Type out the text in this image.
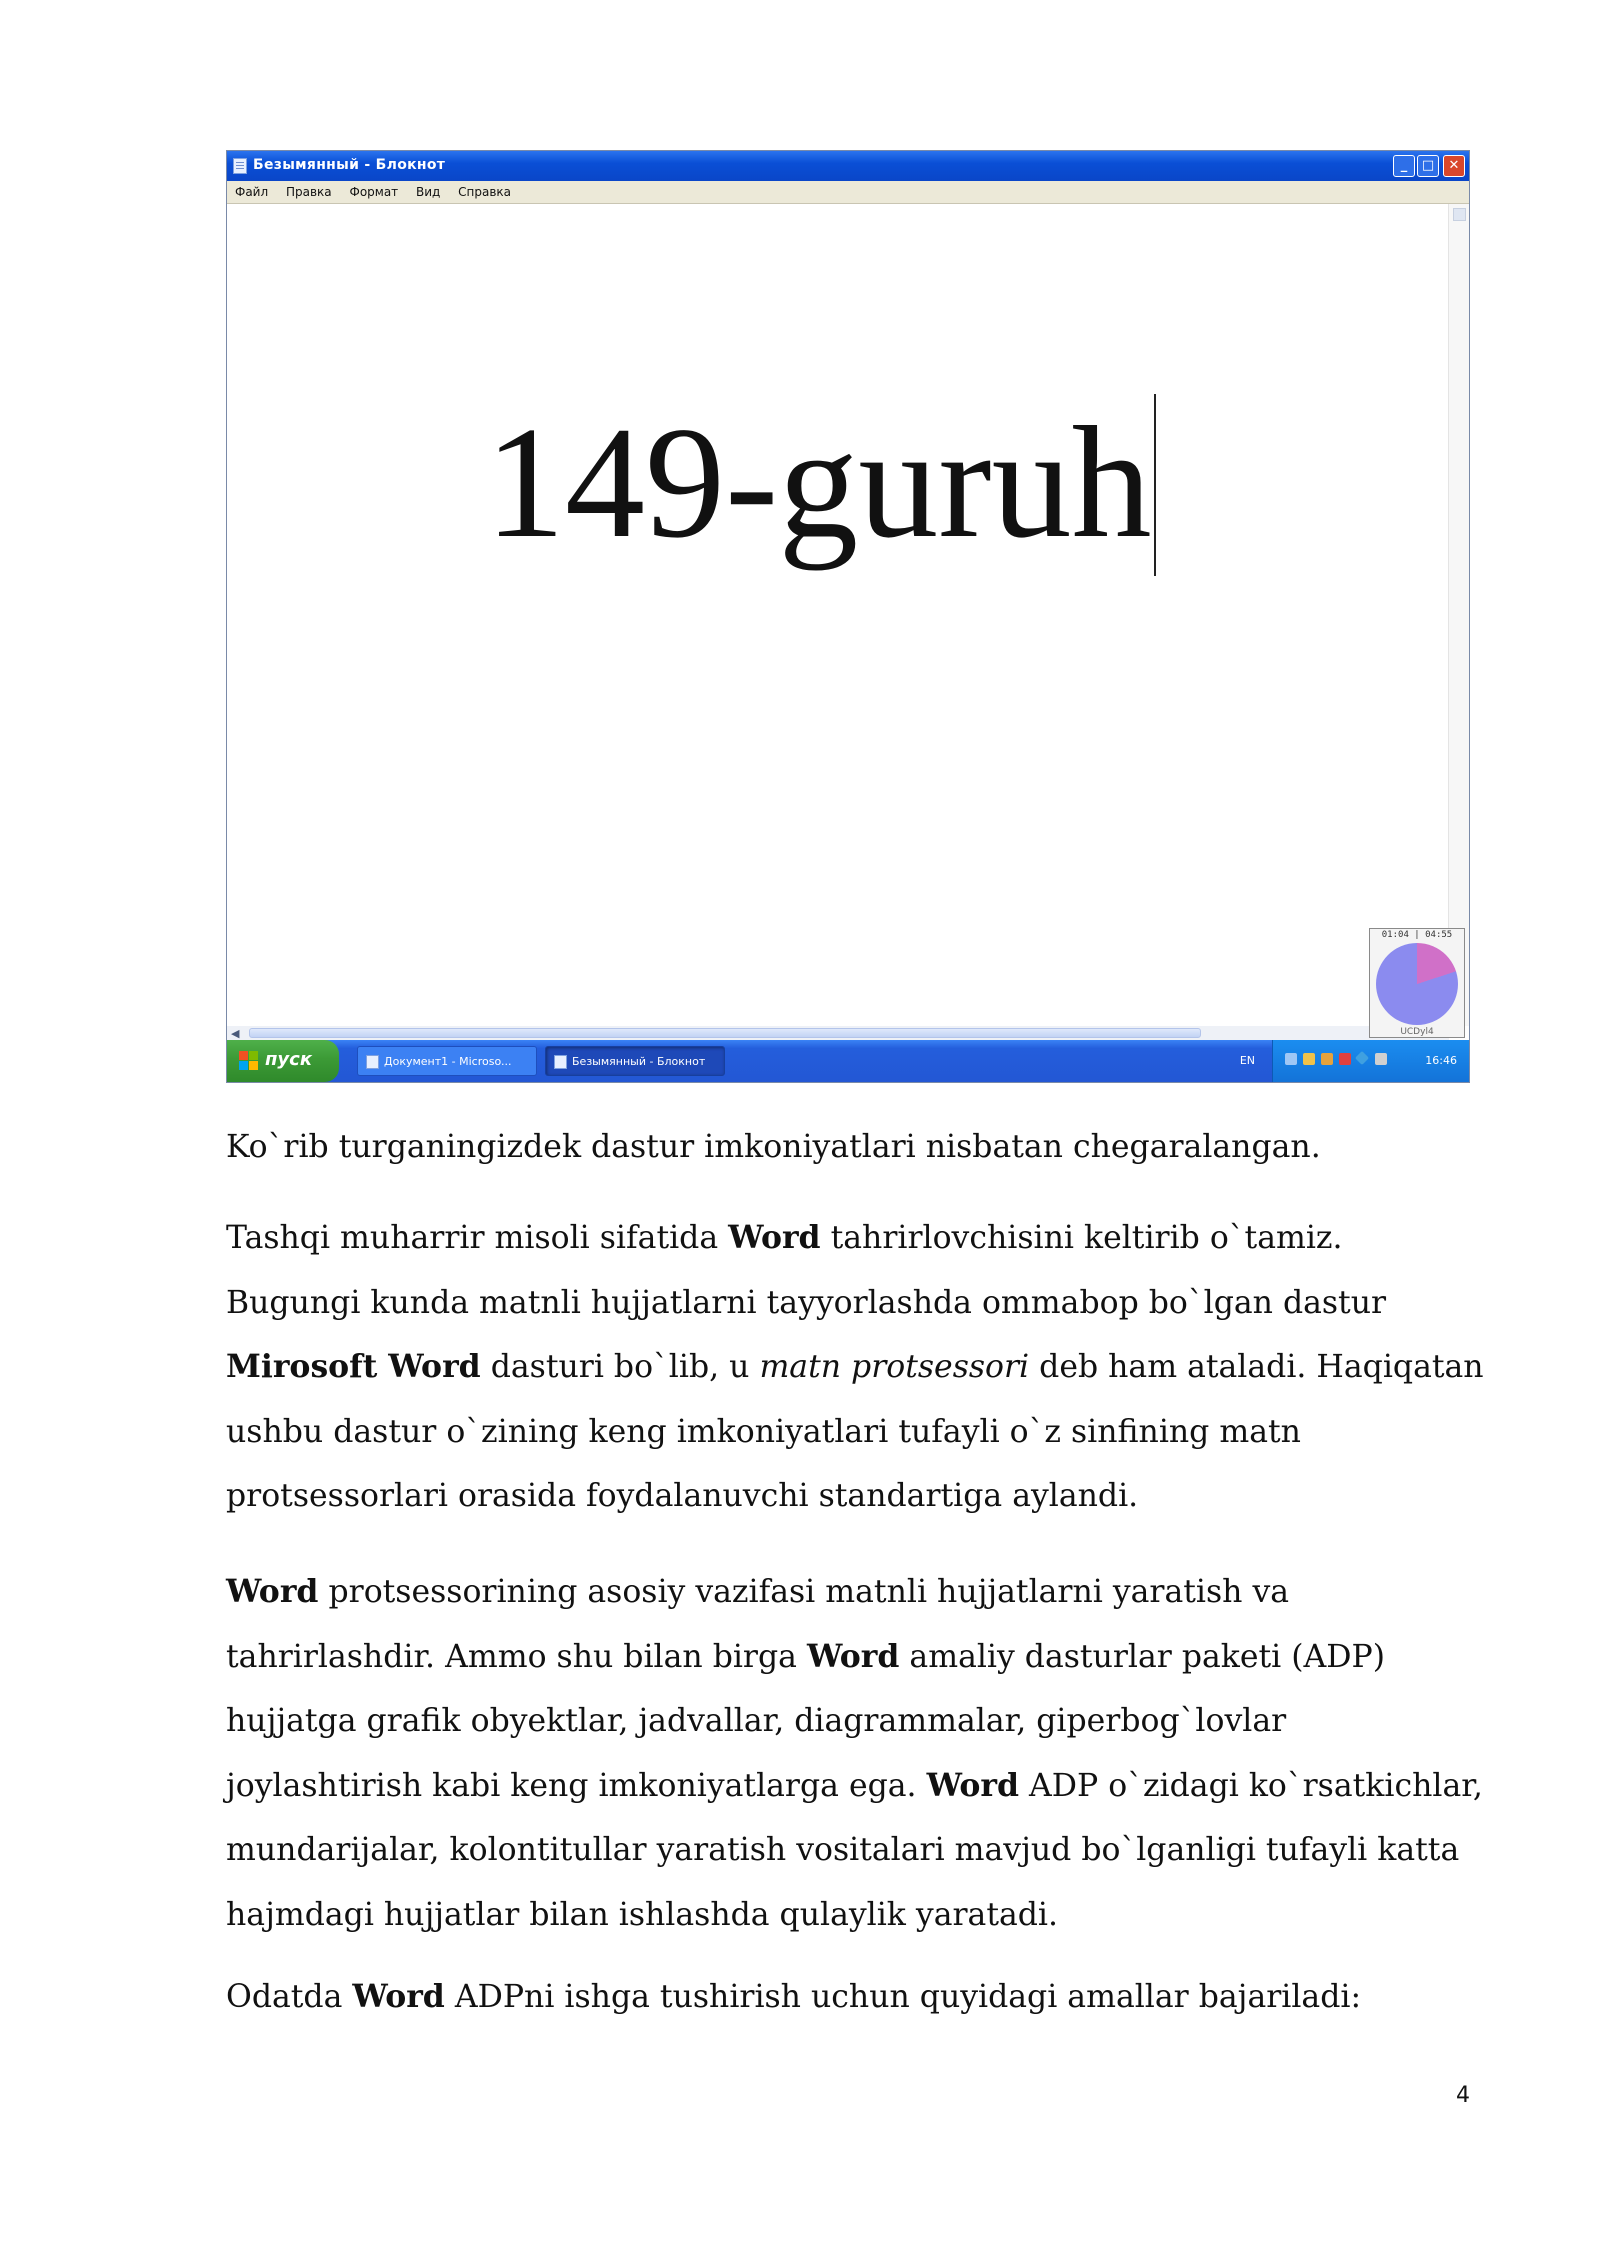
Безымянный - Блокнот	_	□	✕
Файл Правка Формат Вид Справка
149-guruh
◀
01:04 | 04:55
UCDyl4
пуск	Документ1 - Microso...	Безымянный - Блокнот	EN	16:46

Ko`rib turganingizdek dastur imkoniyatlari nisbatan chegaralangan.

Tashqi muharrir misoli sifatida Word tahrirlovchisini keltirib o`tamiz. Bugungi kunda matnli hujjatlarni tayyorlashda ommabop bo`lgan dastur Mirosoft Word dasturi bo`lib, u matn protsessori deb ham ataladi. Haqiqatan ushbu dastur o`zining keng imkoniyatlari tufayli o`z sinfining matn protsessorlari orasida foydalanuvchi standartiga aylandi.

Word protsessorining asosiy vazifasi matnli hujjatlarni yaratish va tahrirlashdir. Ammo shu bilan birga Word amaliy dasturlar paketi (ADP) hujjatga grafik obyektlar, jadvallar, diagrammalar, giperbog`lovlar joylashtirish kabi keng imkoniyatlarga ega. Word ADP o`zidagi ko`rsatkichlar, mundarijalar, kolontitullar yaratish vositalari mavjud bo`lganligi tufayli katta hajmdagi hujjatlar bilan ishlashda qulaylik yaratadi.

Odatda Word ADPni ishga tushirish uchun quyidagi amallar bajariladi:

4
